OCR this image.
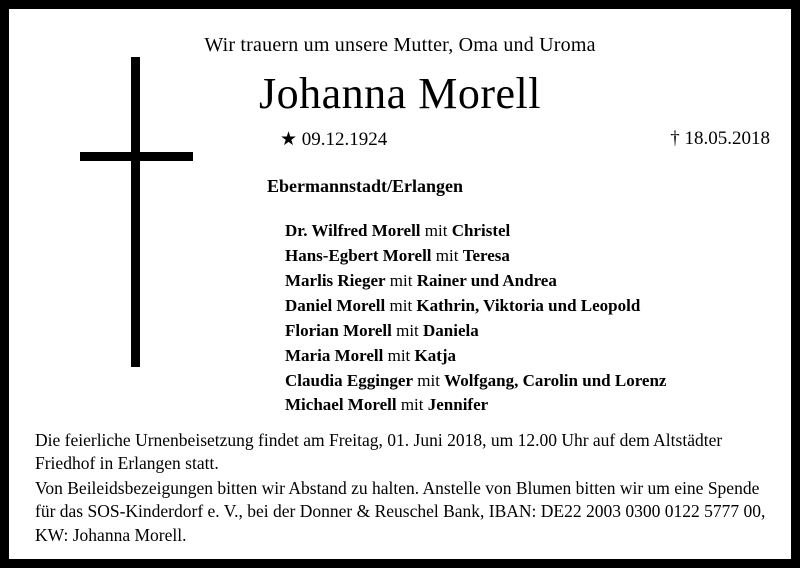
Wir trauern um unsere Mutter, Oma und Uroma
Johanna Morell
★ 09.12.1924	† 18.05.2018
Ebermannstadt/Erlangen
Dr. Wilfred Morell mit Christel
Hans-Egbert Morell mit Teresa
Marlis Rieger mit Rainer und Andrea
Daniel Morell mit Kathrin, Viktoria und Leopold
Florian Morell mit Daniela
Maria Morell mit Katja
Claudia Egginger mit Wolfgang, Carolin und Lorenz
Michael Morell mit Jennifer

Die feierliche Urnenbeisetzung findet am Freitag, 01. Juni 2018, um 12.00 Uhr auf dem Altstädter Friedhof in Erlangen statt.

Von Beileidsbezeigungen bitten wir Abstand zu halten. Anstelle von Blumen bitten wir um eine Spende für das SOS-Kinderdorf e. V., bei der Donner & Reuschel Bank, IBAN: DE22 2003 0300 0122 5777 00, KW: Johanna Morell.
